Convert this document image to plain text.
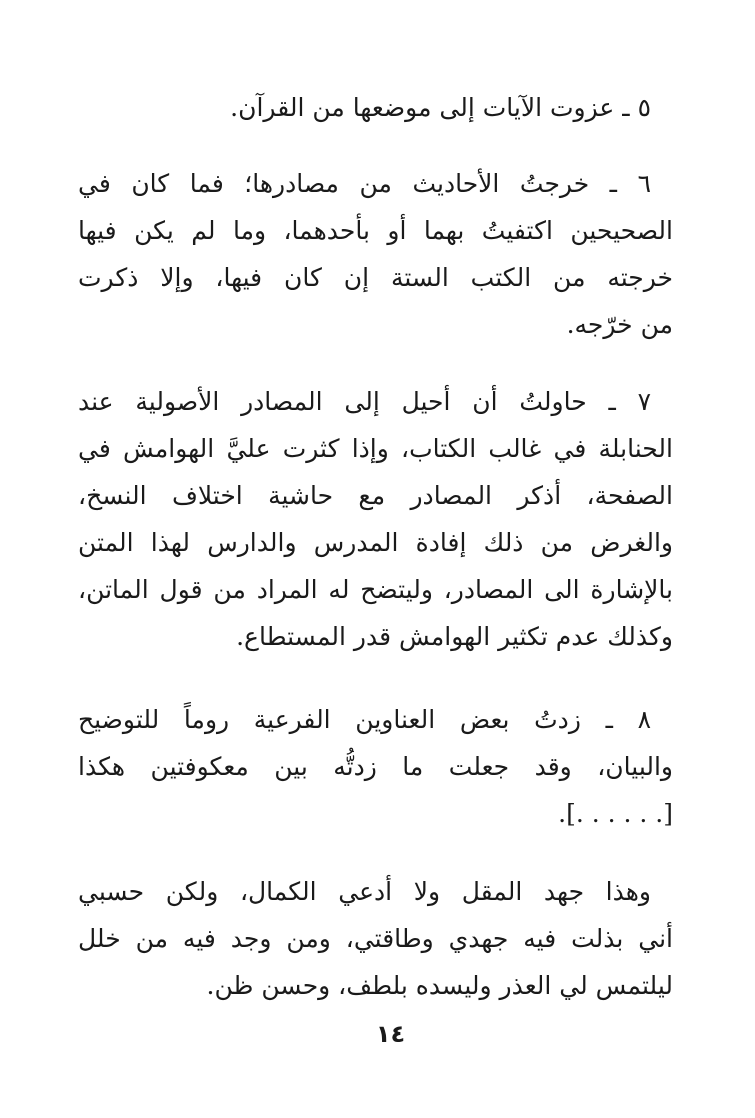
٥ ـ عزوت الآيات إلى موضعها من القرآن.

٦ ـ خرجتُ الأحاديث من مصادرها؛ فما كان في
الصحيحين اكتفيتُ بهما أو بأحدهما، وما لم يكن فيها
خرجته من الكتب الستة إن كان فيها، وإلا ذكرت
من خرّجه.

٧ ـ حاولتُ أن أحيل إلى المصادر الأصولية عند
الحنابلة في غالب الكتاب، وإذا كثرت عليَّ الهوامش في
الصفحة، أذكر المصادر مع حاشية اختلاف النسخ،
والغرض من ذلك إفادة المدرس والدارس لهذا المتن
بالإشارة الى المصادر، وليتضح له المراد من قول الماتن،
وكذلك عدم تكثير الهوامش قدر المستطاع.

٨ ـ زدتُ بعض العناوين الفرعية روماً للتوضيح
والبيان، وقد جعلت ما زدتُّه بين معكوفتين هكذا
[. . . . . .].

وهذا جهد المقل ولا أدعي الكمال، ولكن حسبي
أني بذلت فيه جهدي وطاقتي، ومن وجد فيه من خلل
ليلتمس لي العذر وليسده بلطف، وحسن ظن.

١٤
